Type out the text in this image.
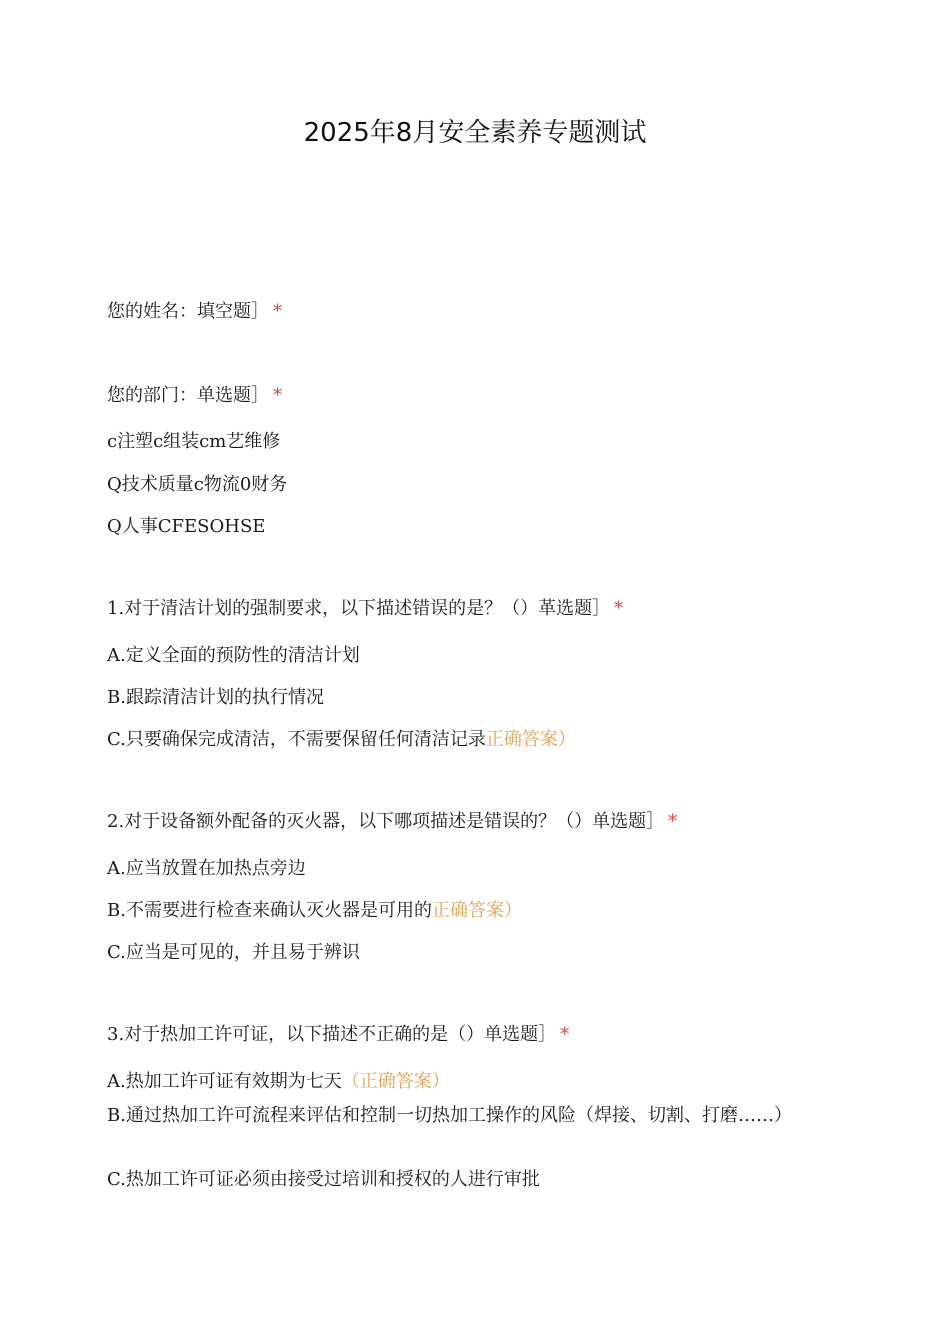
2025年8月安全素养专题测试
您的姓名：填空题］ *
您的部门：单选题］ *
c注塑c组装cm艺维修
Q技术质量c物流0财务
Q人事CFESOHSE
1.对于清洁计划的强制要求，以下描述错误的是？（）革选题］ *
A.定义全面的预防性的清洁计划
B.跟踪清洁计划的执行情况
C.只要确保完成清洁，不需要保留任何清洁记录正确答案）
2.对于设备额外配备的灭火器，以下哪项描述是错误的？（）单选题］ *
A.应当放置在加热点旁边
B.不需要进行检查来确认灭火器是可用的正确答案）
C.应当是可见的，并且易于辨识
3.对于热加工许可证，以下描述不正确的是（）单选题］ *
A.热加工许可证有效期为七天（正确答案）
B.通过热加工许可流程来评估和控制一切热加工操作的风险（焊接、切割、打磨……）
C.热加工许可证必须由接受过培训和授权的人进行审批
